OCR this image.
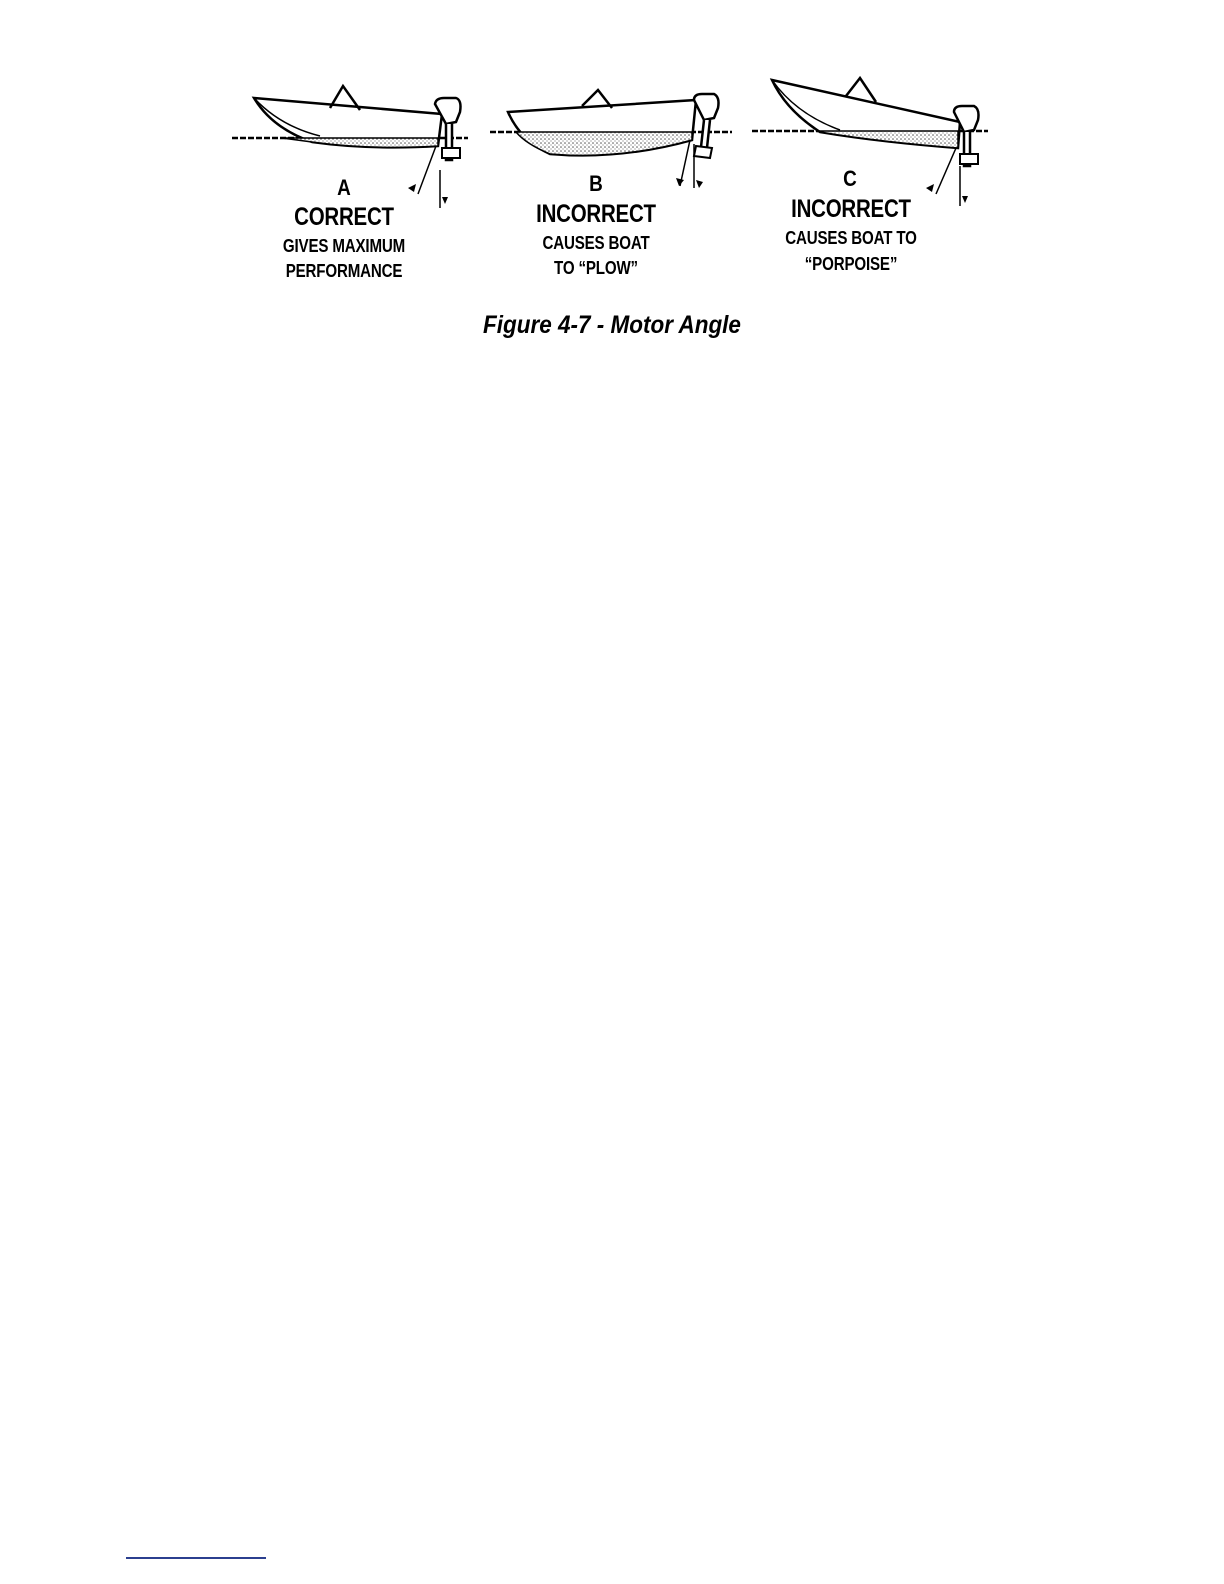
A
CORRECT
GIVES MAXIMUM
PERFORMANCE
B
INCORRECT
CAUSES BOAT
TO “PLOW”
C
INCORRECT
CAUSES BOAT TO
“PORPOISE”
Figure 4-7 - Motor Angle
